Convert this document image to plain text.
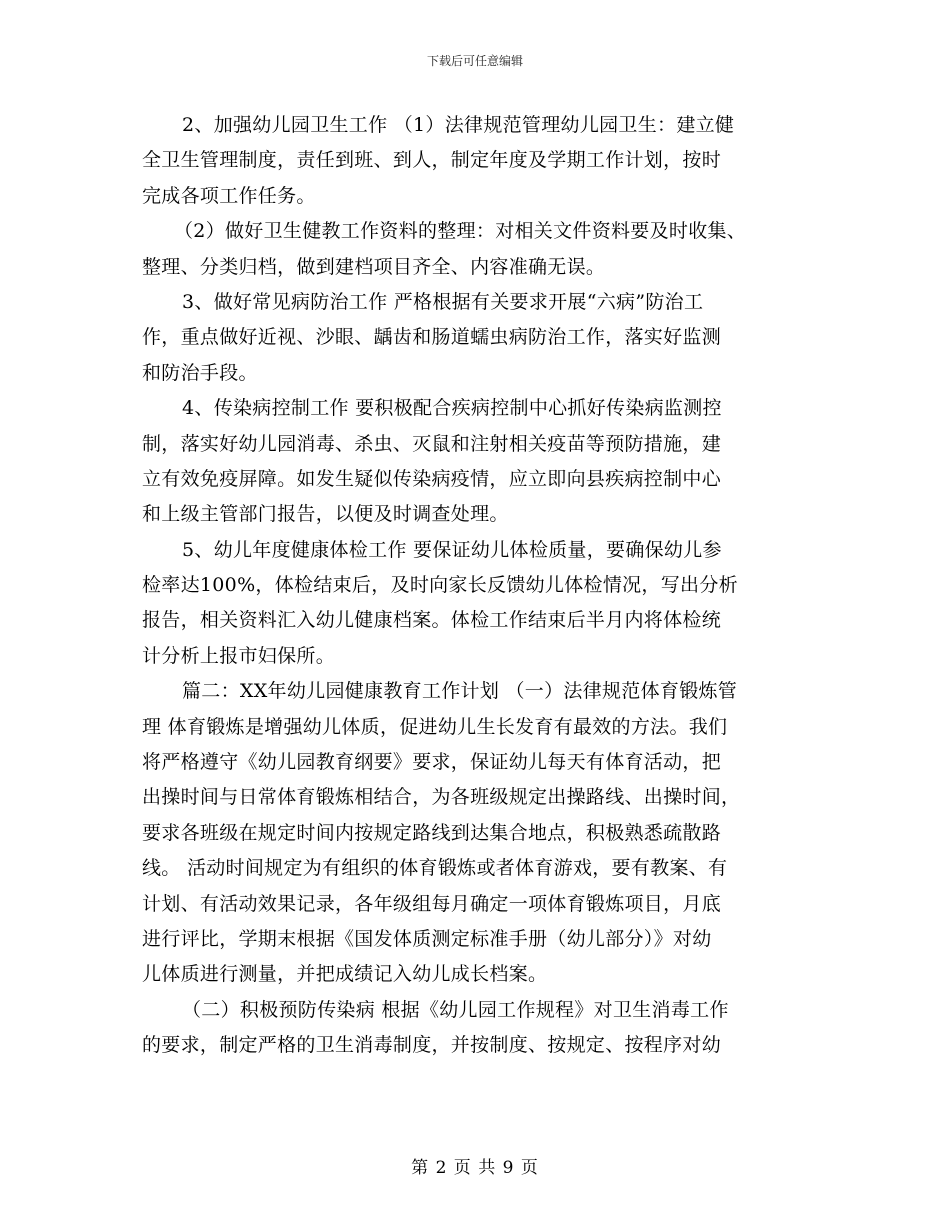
下载后可任意编辑
2、加强幼儿园卫生工作 （1）法律规范管理幼儿园卫生：建立健
全卫生管理制度，责任到班、到人，制定年度及学期工作计划，按时
完成各项工作任务。
（2）做好卫生健教工作资料的整理：对相关文件资料要及时收集、
整理、分类归档，做到建档项目齐全、内容准确无误。
3、做好常见病防治工作 严格根据有关要求开展“六病”防治工
作，重点做好近视、沙眼、龋齿和肠道蠕虫病防治工作，落实好监测
和防治手段。
4、传染病控制工作 要积极配合疾病控制中心抓好传染病监测控
制，落实好幼儿园消毒、杀虫、灭鼠和注射相关疫苗等预防措施，建
立有效免疫屏障。如发生疑似传染病疫情，应立即向县疾病控制中心
和上级主管部门报告，以便及时调查处理。
5、幼儿年度健康体检工作 要保证幼儿体检质量，要确保幼儿参
检率达100%，体检结束后，及时向家长反馈幼儿体检情况，写出分析
报告，相关资料汇入幼儿健康档案。体检工作结束后半月内将体检统
计分析上报市妇保所。
篇二：XX年幼儿园健康教育工作计划 （一）法律规范体育锻炼管
理 体育锻炼是增强幼儿体质，促进幼儿生长发育有最效的方法。我们
将严格遵守《幼儿园教育纲要》要求，保证幼儿每天有体育活动，把
出操时间与日常体育锻炼相结合，为各班级规定出操路线、出操时间，
要求各班级在规定时间内按规定路线到达集合地点，积极熟悉疏散路
线。 活动时间规定为有组织的体育锻炼或者体育游戏，要有教案、有
计划、有活动效果记录，各年级组每月确定一项体育锻炼项目，月底
进行评比，学期末根据《国发体质测定标准手册（幼儿部分）》对幼
儿体质进行测量，并把成绩记入幼儿成长档案。
（二）积极预防传染病 根据《幼儿园工作规程》对卫生消毒工作
的要求，制定严格的卫生消毒制度，并按制度、按规定、按程序对幼
第 2 页 共 9 页
